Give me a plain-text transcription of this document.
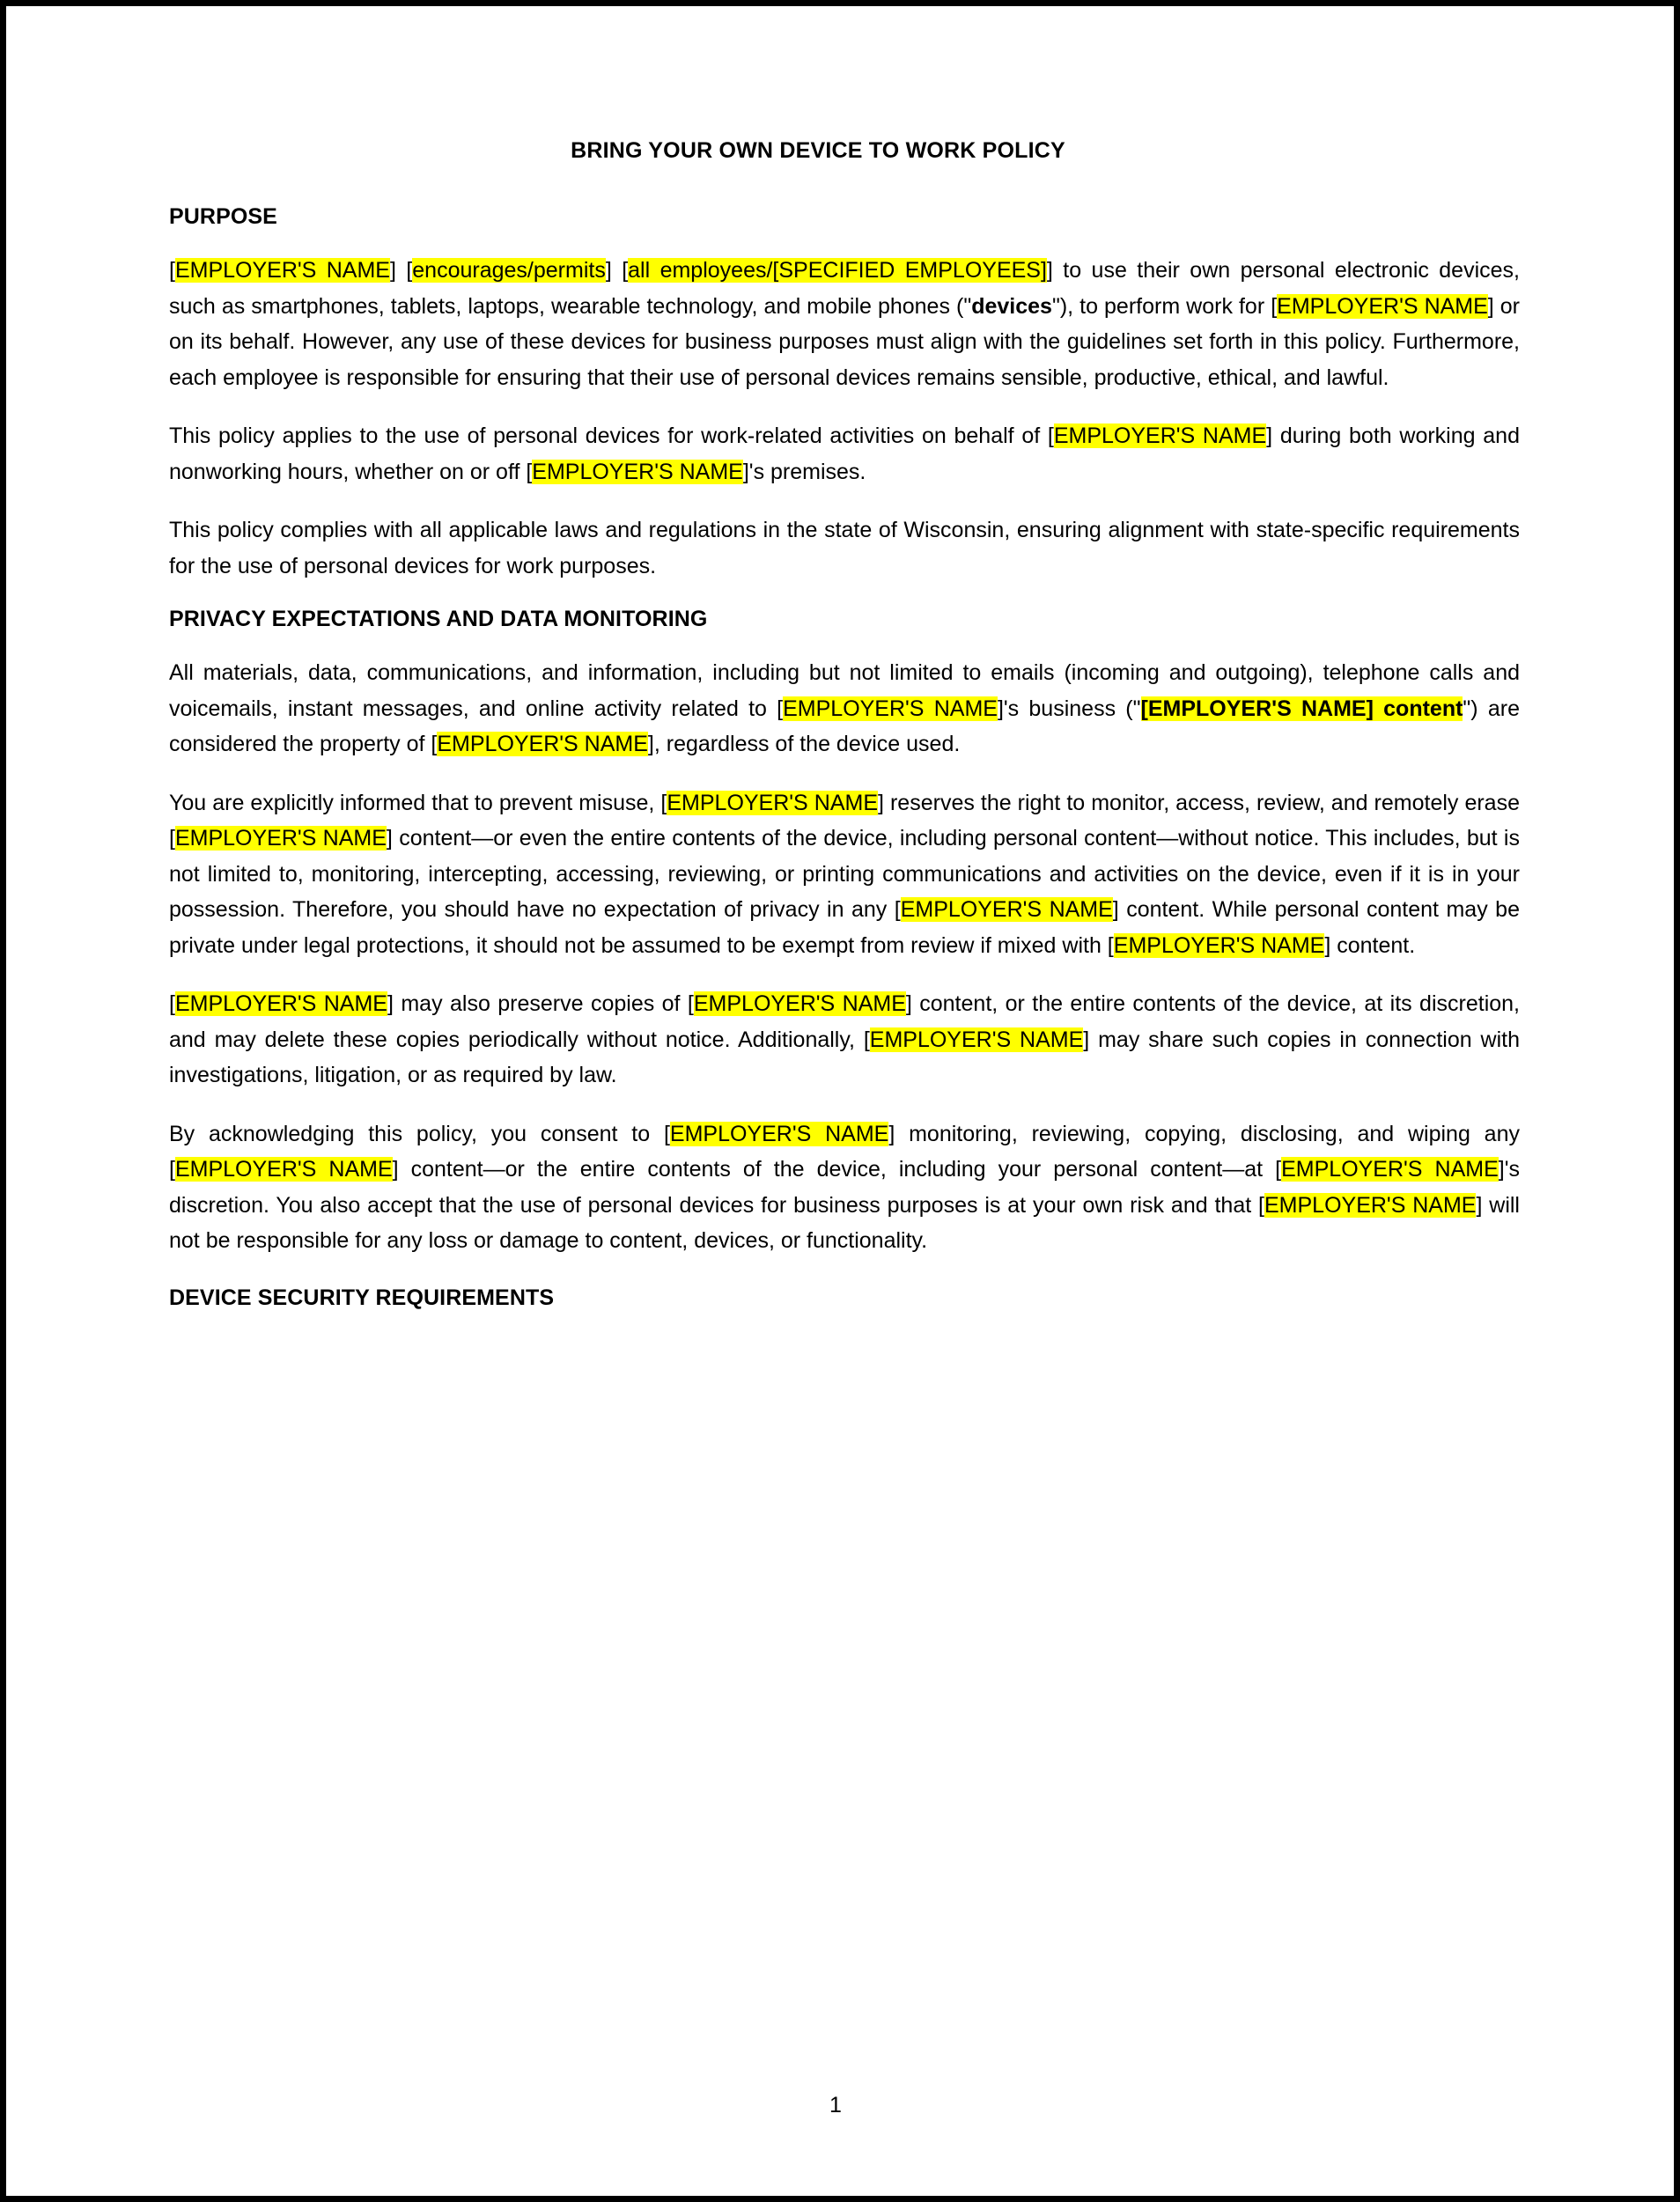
BRING YOUR OWN DEVICE TO WORK POLICY
PURPOSE

[EMPLOYER'S NAME] [encourages/permits] [all employees/[SPECIFIED EMPLOYEES]] to use their own personal electronic devices, such as smartphones, tablets, laptops, wearable technology, and mobile phones ("devices"), to perform work for [EMPLOYER'S NAME] or on its behalf. However, any use of these devices for business purposes must align with the guidelines set forth in this policy. Furthermore, each employee is responsible for ensuring that their use of personal devices remains sensible, productive, ethical, and lawful.

This policy applies to the use of personal devices for work-related activities on behalf of [EMPLOYER'S NAME] during both working and nonworking hours, whether on or off [EMPLOYER'S NAME]'s premises.

This policy complies with all applicable laws and regulations in the state of Wisconsin, ensuring alignment with state-specific requirements for the use of personal devices for work purposes.

PRIVACY EXPECTATIONS AND DATA MONITORING

All materials, data, communications, and information, including but not limited to emails (incoming and outgoing), telephone calls and voicemails, instant messages, and online activity related to [EMPLOYER'S NAME]'s business ("[EMPLOYER'S NAME] content") are considered the property of [EMPLOYER'S NAME], regardless of the device used.

You are explicitly informed that to prevent misuse, [EMPLOYER'S NAME] reserves the right to monitor, access, review, and remotely erase [EMPLOYER'S NAME] content—or even the entire contents of the device, including personal content—without notice. This includes, but is not limited to, monitoring, intercepting, accessing, reviewing, or printing communications and activities on the device, even if it is in your possession. Therefore, you should have no expectation of privacy in any [EMPLOYER'S NAME] content. While personal content may be private under legal protections, it should not be assumed to be exempt from review if mixed with [EMPLOYER'S NAME] content.

[EMPLOYER'S NAME] may also preserve copies of [EMPLOYER'S NAME] content, or the entire contents of the device, at its discretion, and may delete these copies periodically without notice. Additionally, [EMPLOYER'S NAME] may share such copies in connection with investigations, litigation, or as required by law.

By acknowledging this policy, you consent to [EMPLOYER'S NAME] monitoring, reviewing, copying, disclosing, and wiping any [EMPLOYER'S NAME] content—or the entire contents of the device, including your personal content—at [EMPLOYER'S NAME]'s discretion. You also accept that the use of personal devices for business purposes is at your own risk and that [EMPLOYER'S NAME] will not be responsible for any loss or damage to content, devices, or functionality.

DEVICE SECURITY REQUIREMENTS
1
